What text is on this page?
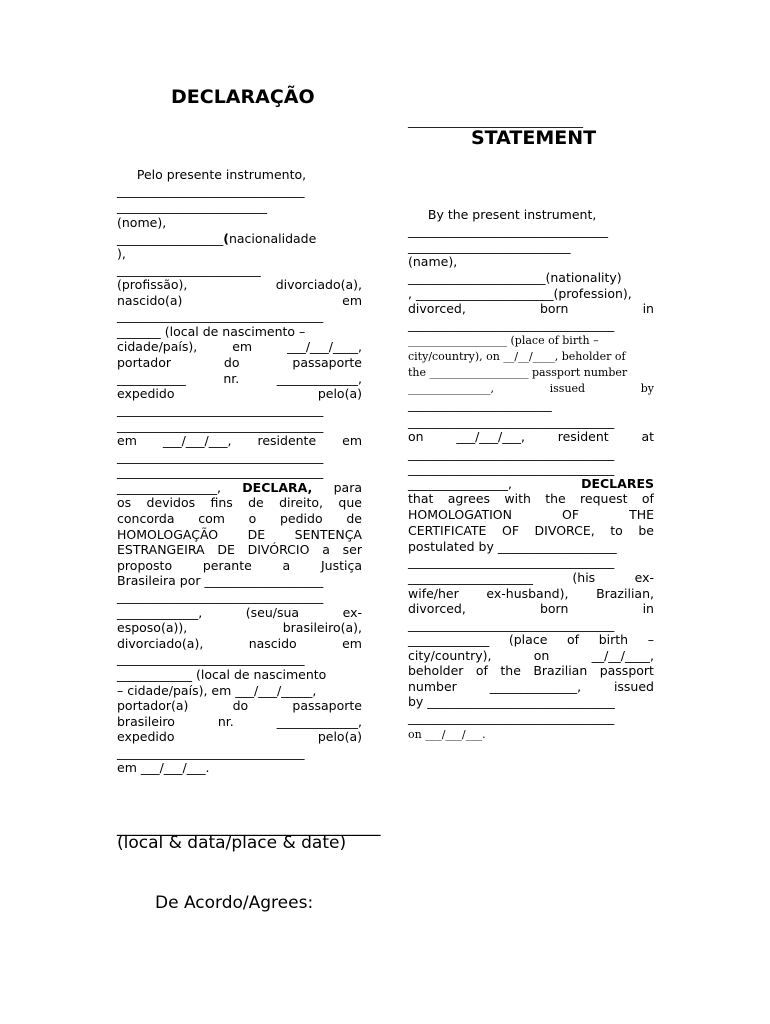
DECLARAÇÃO
Pelo presente instrumento,
______________________________
________________________
(nome),
_________________(nacionalidade
),
_______________________
(profissão),	divorciado(a),
nascido(a)	em
_________________________________
_______ (local de nascimento –
cidade/país),	em	___/___/____,
portador	do	passaporte
___________	nr.	_____________,
expedido	pelo(a)
_________________________________
_________________________________
em ___/___/___, residente em
_________________________________
_________________________________
________________, DECLARA, para
os devidos fins de direito, que
concorda com o pedido de
HOMOLOGAÇÃO DE SENTENÇA
ESTRANGEIRA DE DIVÓRCIO a ser
proposto perante a Justiça
Brasileira por ___________________
_________________________________
_____________,	(seu/sua	ex-
esposo(a)),	brasileiro(a),
divorciado(a),	nascido	em
______________________________
____________ (local de nascimento
– cidade/país), em ___/___/_____,
portador(a)	do	passaporte
brasileiro	nr.	_____________,
expedido	pelo(a)
______________________________
em ___/___/___.
_______________________________
(local & data/place & date)
De Acordo/Agrees:
____________________________
STATEMENT
By the present instrument,
________________________________
__________________________
(name),
______________________(nationality)
, ______________________(profession),
divorced,	born	in
_________________________________
__________________ (place of birth –
city/country), on __/__/____, beholder of
the __________________ passport number
_______________,	issued	by
_______________________
_________________________________
on	___/___/___,	resident	at
_________________________________
_________________________________
________________,	DECLARES
that agrees with the request of
HOMOLOGATION	OF	THE
CERTIFICATE OF DIVORCE, to be
postulated by ___________________
_________________________________
____________________	(his	ex-
wife/her ex-husband), Brazilian,
divorced,	born	in
_________________________________
_____________ (place of birth –
city/country),	on	__/__/____,
beholder of the Brazilian passport
number	______________,	issued
by ______________________________
_________________________________
on ___/___/___.
